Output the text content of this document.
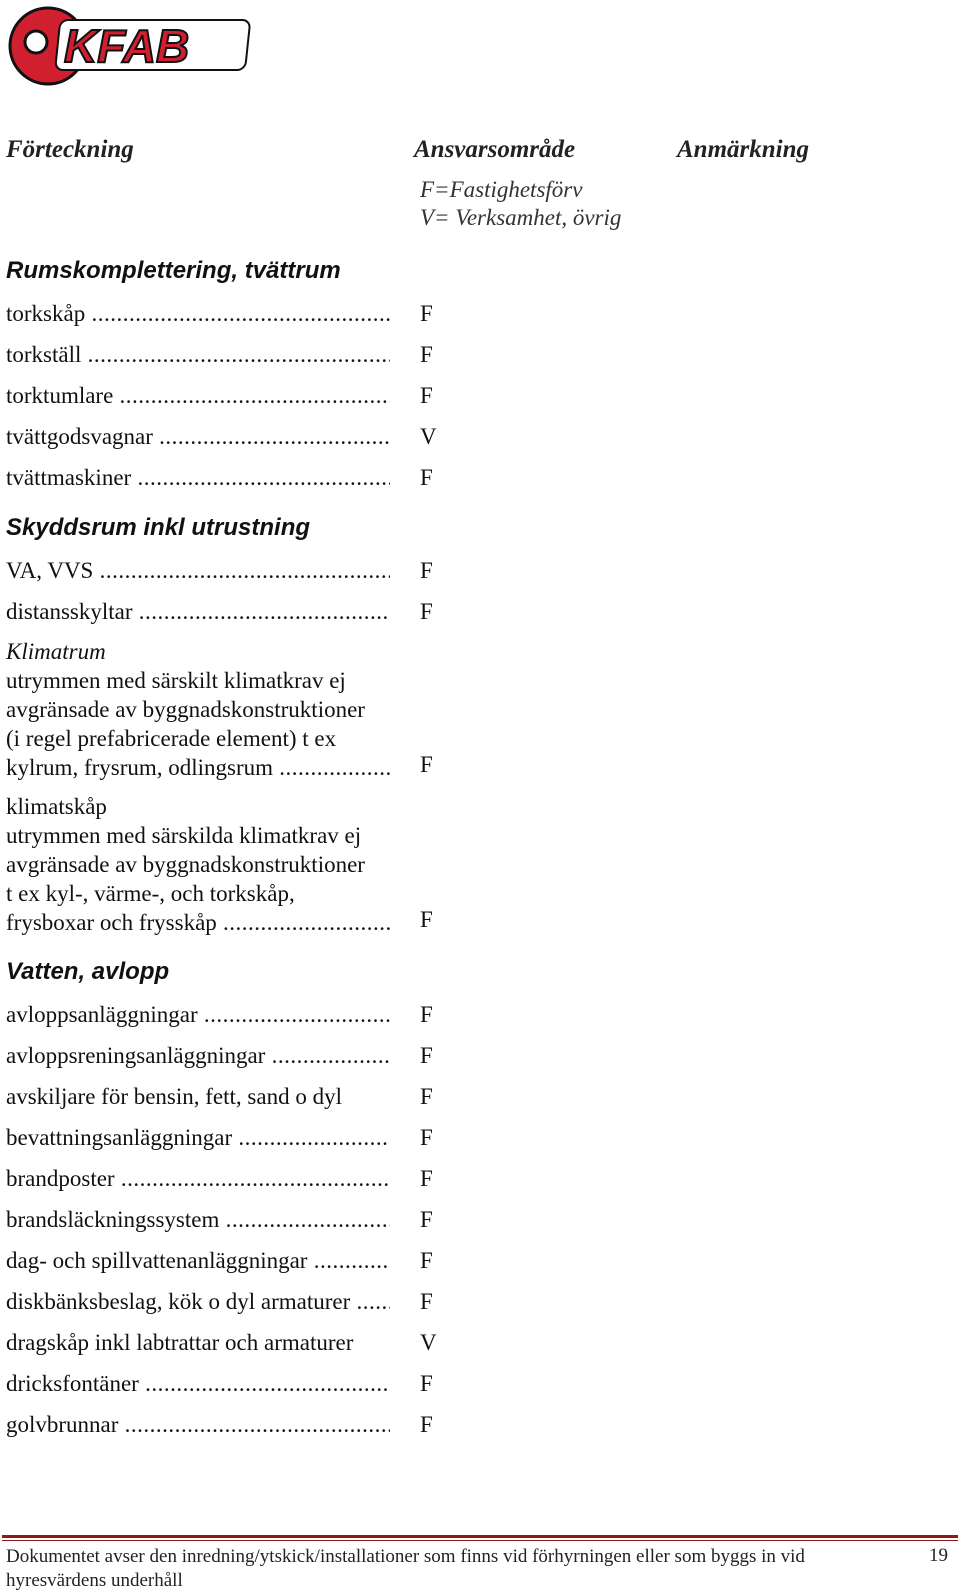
KFAB
Förteckning	Ansvarsområde	Anmärkning
F=Fastighetsförv
V= Verksamhet, övrig
Rumskomplettering, tvättrum
torkskåp .....	F
torkställ .....	F
torktumlare .....	F
tvättgodsvagnar .....	V
tvättmaskiner .....	F
Skyddsrum inkl utrustning
VA, VVS .....	F
distansskyltar .....	F
Klimatrum
utrymmen med särskilt klimatkrav ej
avgränsade av byggnadskonstruktioner
(i regel prefabricerade element) t ex
kylrum, frysrum, odlingsrum .....	F
klimatskåp
utrymmen med särskilda klimatkrav ej
avgränsade av byggnadskonstruktioner
t ex kyl-, värme-, och torkskåp,
frysboxar och frysskåp .....	F
Vatten, avlopp
avloppsanläggningar .....	F
avloppsreningsanläggningar .....	F
avskiljare för bensin, fett, sand o dyl	F
bevattningsanläggningar .....	F
brandposter .....	F
brandsläckningssystem .....	F
dag- och spillvattenanläggningar .....	F
diskbänksbeslag, kök o dyl armaturer .....	F
dragskåp inkl labtrattar och armaturer	V
dricksfontäner .....	F
golvbrunnar .....	F
Dokumentet avser den inredning/ytskick/installationer som finns vid förhyrningen eller som byggs in vid hyresvärdens underhåll
19
